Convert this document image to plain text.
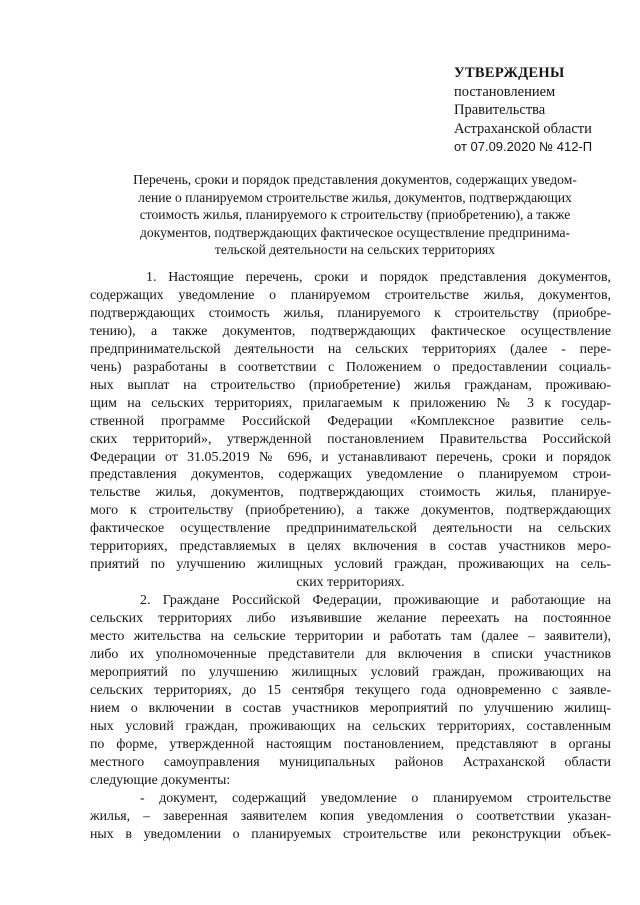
УТВЕРЖДЕНЫ
постановлением
Правительства
Астраханской области
от 07.09.2020 № 412-П
Перечень, сроки и порядок представления документов, содержащих уведом-
ление о планируемом строительстве жилья, документов, подтверждающих
стоимость жилья, планируемого к строительству (приобретению), а также
документов, подтверждающих фактическое осуществление предпринима-
тельской деятельности на сельских территориях
1. Настоящие перечень, сроки и порядок представления документов,
содержащих уведомление о планируемом строительстве жилья, документов,
подтверждающих стоимость жилья, планируемого к строительству (приобре-
тению), а также документов, подтверждающих фактическое осуществление
предпринимательской деятельности на сельских территориях (далее - пере-
чень) разработаны в соответствии с Положением о предоставлении социаль-
ных выплат на строительство (приобретение) жилья гражданам, проживаю-
щим на сельских территориях, прилагаемым к приложению № 3 к государ-
ственной программе Российской Федерации «Комплексное развитие сель-
ских территорий», утвержденной постановлением Правительства Российской
Федерации от 31.05.2019 № 696, и устанавливают перечень, сроки и порядок
представления документов, содержащих уведомление о планируемом строи-
тельстве жилья, документов, подтверждающих стоимость жилья, планируе-
мого к строительству (приобретению), а также документов, подтверждающих
фактическое осуществление предпринимательской деятельности на сельских
территориях, представляемых в целях включения в состав участников меро-
приятий по улучшению жилищных условий граждан, проживающих на сель-
ских территориях.
2. Граждане Российской Федерации, проживающие и работающие на
сельских территориях либо изъявившие желание переехать на постоянное
место жительства на сельские территории и работать там (далее – заявители),
либо их уполномоченные представители для включения в списки участников
мероприятий по улучшению жилищных условий граждан, проживающих на
сельских территориях, до 15 сентября текущего года одновременно с заявле-
нием о включении в состав участников мероприятий по улучшению жилищ-
ных условий граждан, проживающих на сельских территориях, составленным
по форме, утвержденной настоящим постановлением, представляют в органы
местного самоуправления муниципальных районов Астраханской области
следующие документы:
- документ, содержащий уведомление о планируемом строительстве
жилья, – заверенная заявителем копия уведомления о соответствии указан-
ных в уведомлении о планируемых строительстве или реконструкции объек-
